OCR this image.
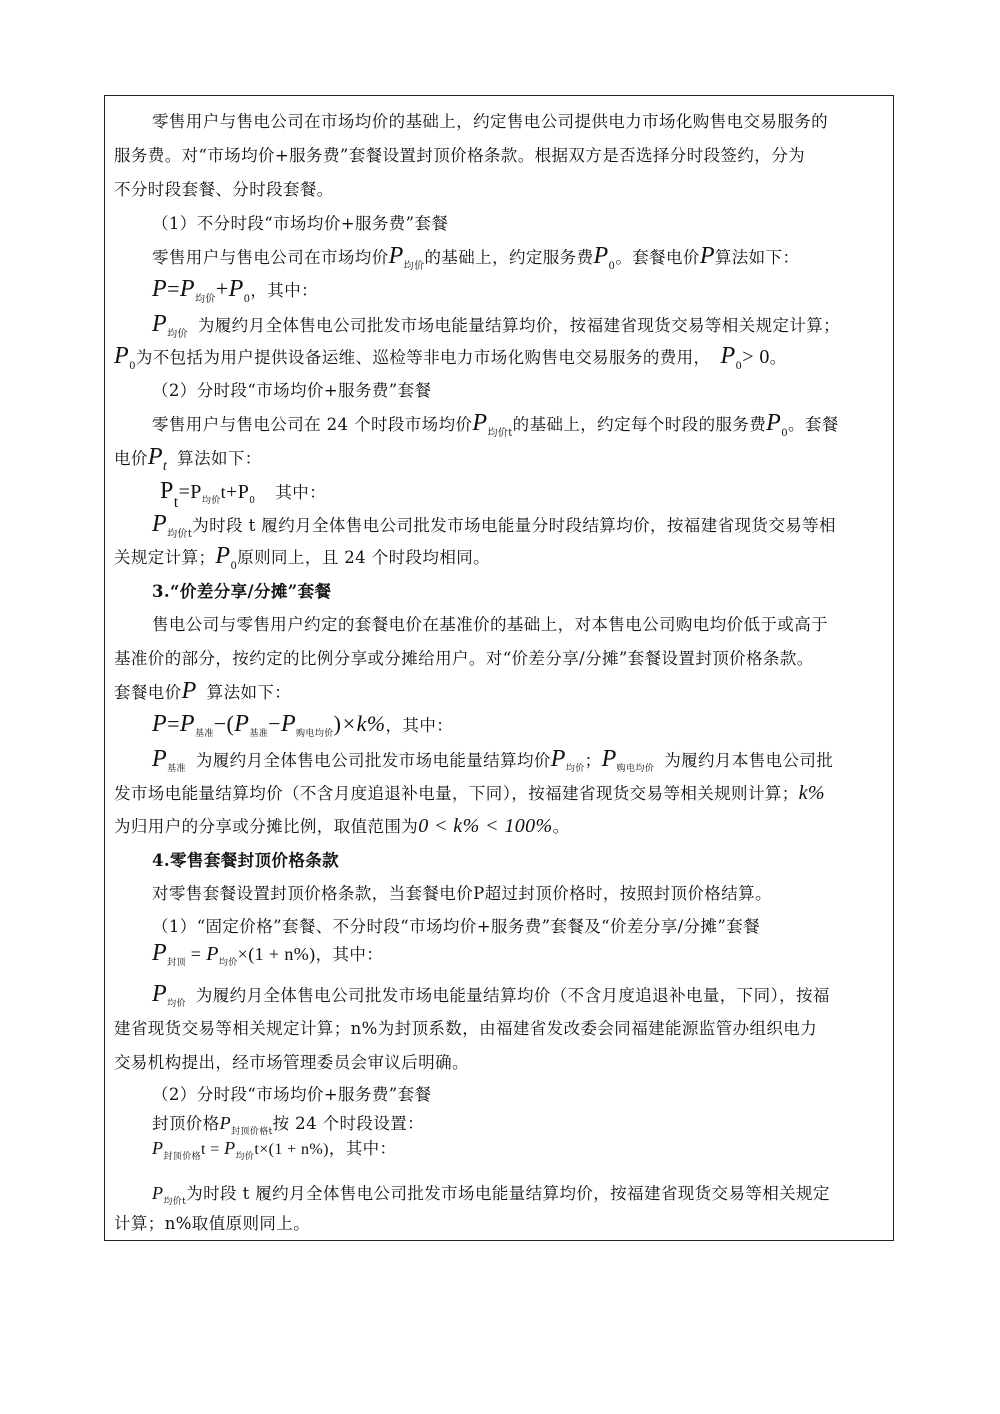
零售用户与售电公司在市场均价的基础上，约定售电公司提供电力市场化购售电交易服务的
服务费。对“市场均价+服务费”套餐设置封顶价格条款。根据双方是否选择分时段签约，分为
不分时段套餐、分时段套餐。
（1）不分时段“市场均价+服务费”套餐
零售用户与售电公司在市场均价$P_{均价}$的基础上，约定服务费$P_0$。套餐电价P算法如下：
$P=P_{均价}+P_0$，其中：
$P_{均价}$ 为履约月全体售电公司批发市场电能量结算均价，按福建省现货交易等相关规定计算；
$P_0$为不包括为用户提供设备运维、巡检等非电力市场化购售电交易服务的费用， $P_0> 0$。
（2）分时段“市场均价+服务费”套餐
零售用户与售电公司在 24 个时段市场均价$P_{均价t}$的基础上，约定每个时段的服务费$P_0$。套餐
电价$P_t$ 算法如下：
$Pt=P_{均价}t+P_0$ 其中：
$P_{均价t}$为时段 t 履约月全体售电公司批发市场电能量分时段结算均价，按福建省现货交易等相
关规定计算；$P_0$原则同上，且 24 个时段均相同。
3.“价差分享/分摊”套餐
售电公司与零售用户约定的套餐电价在基准价的基础上，对本售电公司购电均价低于或高于
基准价的部分，按约定的比例分享或分摊给用户。对“价差分享/分摊”套餐设置封顶价格条款。
套餐电价P 算法如下：
$P=P_{基准}-(P_{基准}-P_{购电均价})\times k\%$，其中：
$P_{基准}$ 为履约月全体售电公司批发市场电能量结算均价$P_{均价}$；$P_{购电均价}$ 为履约月本售电公司批
发市场电能量结算均价（不含月度追退补电量，下同），按福建省现货交易等相关规则计算；k%
为归用户的分享或分摊比例，取值范围为0 < k% < 100%。
4.零售套餐封顶价格条款
对零售套餐设置封顶价格条款，当套餐电价P超过封顶价格时，按照封顶价格结算。
（1）“固定价格”套餐、不分时段“市场均价+服务费”套餐及“价差分享/分摊”套餐
$P_{封顶} = P_{均价}\times(1 + n\%)$，其中：
$P_{均价}$ 为履约月全体售电公司批发市场电能量结算均价（不含月度追退补电量，下同），按福
建省现货交易等相关规定计算；n%为封顶系数，由福建省发改委会同福建能源监管办组织电力
交易机构提出，经市场管理委员会审议后明确。
（2）分时段“市场均价+服务费”套餐
封顶价格$P_{封顶价格t}$按 24 个时段设置：
$P_{封顶价格}t = P_{均价}t\times(1 + n\%)$，其中：
$P_{均价t}$为时段 t 履约月全体售电公司批发市场电能量结算均价，按福建省现货交易等相关规定
计算；n%取值原则同上。
